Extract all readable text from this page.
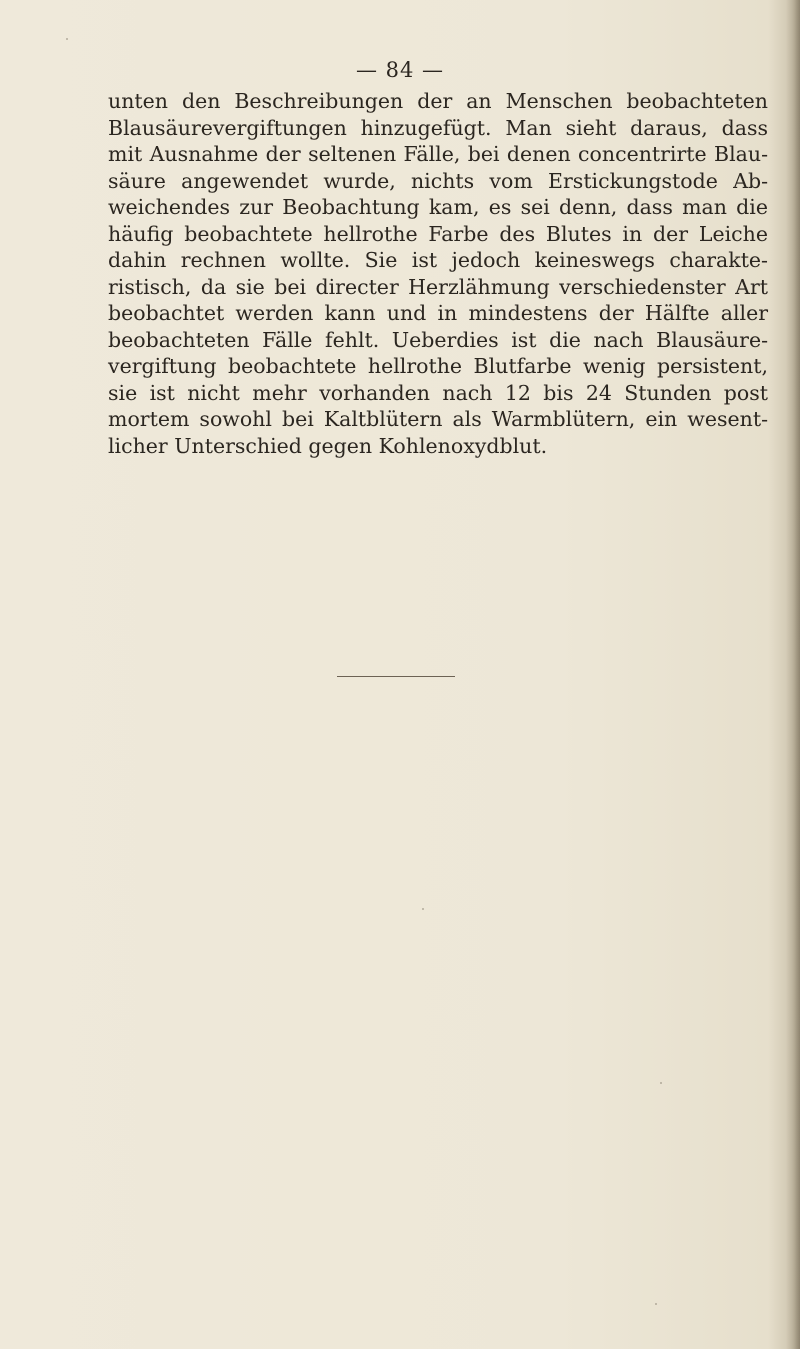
— 84 —
unten den Beschreibungen der an Menschen beobachteten
Blausäurevergiftungen hinzugefügt. Man sieht daraus, dass
mit Ausnahme der seltenen Fälle, bei denen concentrirte Blau-
säure angewendet wurde, nichts vom Erstickungstode Ab-
weichendes zur Beobachtung kam, es sei denn, dass man die
häufig beobachtete hellrothe Farbe des Blutes in der Leiche
dahin rechnen wollte. Sie ist jedoch keineswegs charakte-
ristisch, da sie bei directer Herzlähmung verschiedenster Art
beobachtet werden kann und in mindestens der Hälfte aller
beobachteten Fälle fehlt. Ueberdies ist die nach Blausäure-
vergiftung beobachtete hellrothe Blutfarbe wenig persistent,
sie ist nicht mehr vorhanden nach 12 bis 24 Stunden post
mortem sowohl bei Kaltblütern als Warmblütern, ein wesent-
licher Unterschied gegen Kohlenoxydblut.
